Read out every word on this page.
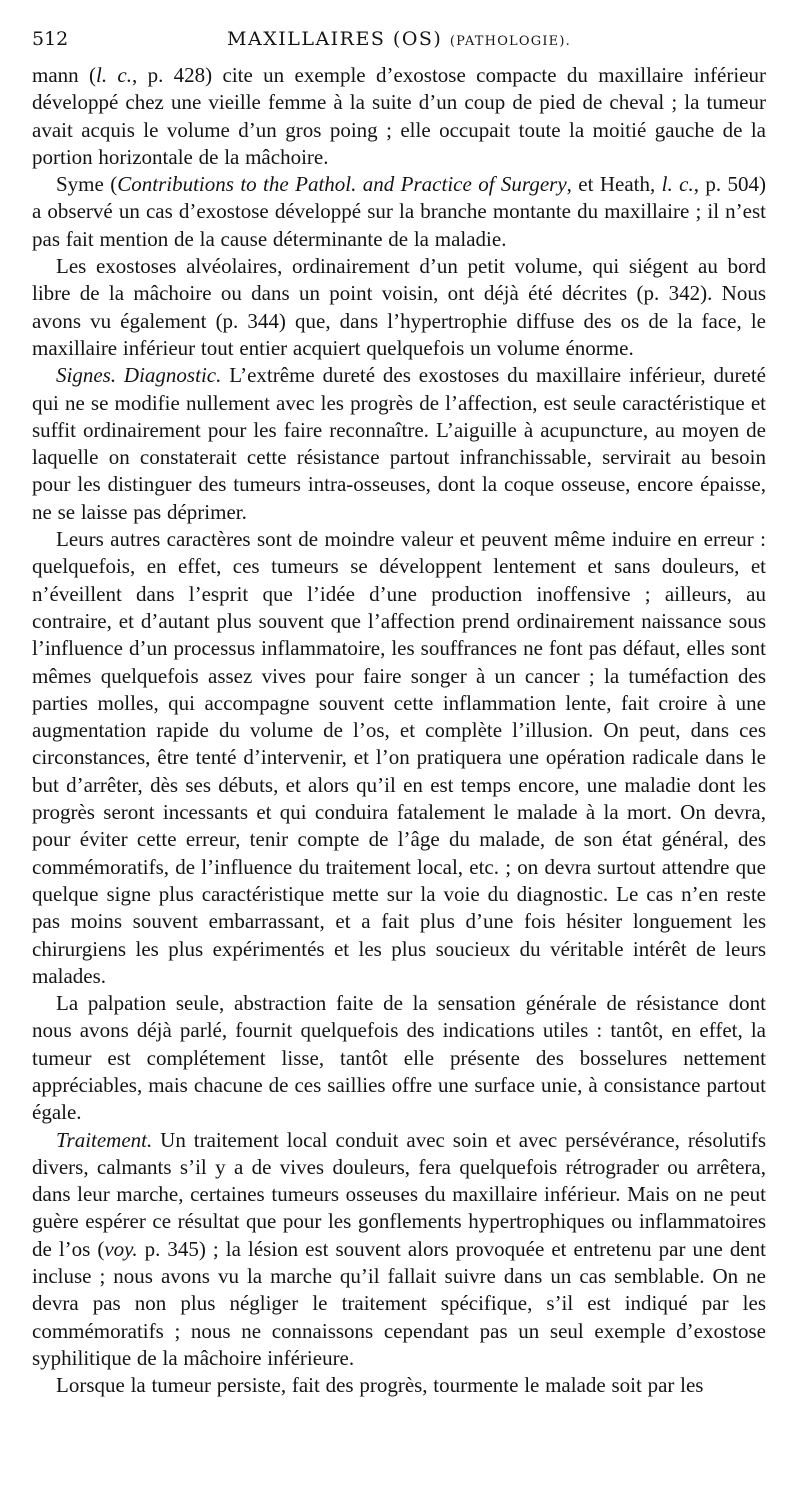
512	MAXILLAIRES (OS) (PATHOLOGIE).

mann (l. c., p. 428) cite un exemple d’exostose compacte du maxillaire inférieur développé chez une vieille femme à la suite d’un coup de pied de cheval ; la tumeur avait acquis le volume d’un gros poing ; elle occupait toute la moitié gauche de la portion horizontale de la mâchoire.

Syme (Contributions to the Pathol. and Practice of Surgery, et Heath, l. c., p. 504) a observé un cas d’exostose développé sur la branche montante du maxillaire ; il n’est pas fait mention de la cause déterminante de la maladie.

Les exostoses alvéolaires, ordinairement d’un petit volume, qui siégent au bord libre de la mâchoire ou dans un point voisin, ont déjà été décrites (p. 342). Nous avons vu également (p. 344) que, dans l’hypertrophie diffuse des os de la face, le maxillaire inférieur tout entier acquiert quelquefois un volume énorme.

Signes. Diagnostic. L’extrême dureté des exostoses du maxillaire inférieur, dureté qui ne se modifie nullement avec les progrès de l’affection, est seule caractéristique et suffit ordinairement pour les faire reconnaître. L’aiguille à acupuncture, au moyen de laquelle on constaterait cette résistance partout infranchissable, servirait au besoin pour les distinguer des tumeurs intra-osseuses, dont la coque osseuse, encore épaisse, ne se laisse pas déprimer.

Leurs autres caractères sont de moindre valeur et peuvent même induire en erreur : quelquefois, en effet, ces tumeurs se développent lentement et sans douleurs, et n’éveillent dans l’esprit que l’idée d’une production inoffensive ; ailleurs, au contraire, et d’autant plus souvent que l’affection prend ordinairement naissance sous l’influence d’un processus inflammatoire, les souffrances ne font pas défaut, elles sont mêmes quelquefois assez vives pour faire songer à un cancer ; la tuméfaction des parties molles, qui accompagne souvent cette inflammation lente, fait croire à une augmentation rapide du volume de l’os, et complète l’illusion. On peut, dans ces circonstances, être tenté d’intervenir, et l’on pratiquera une opération radicale dans le but d’arrêter, dès ses débuts, et alors qu’il en est temps encore, une maladie dont les progrès seront incessants et qui conduira fatalement le malade à la mort. On devra, pour éviter cette erreur, tenir compte de l’âge du malade, de son état général, des commémoratifs, de l’influence du traitement local, etc. ; on devra surtout attendre que quelque signe plus caractéristique mette sur la voie du diagnostic. Le cas n’en reste pas moins souvent embarrassant, et a fait plus d’une fois hésiter longuement les chirurgiens les plus expérimentés et les plus soucieux du véritable intérêt de leurs malades.

La palpation seule, abstraction faite de la sensation générale de résistance dont nous avons déjà parlé, fournit quelquefois des indications utiles : tantôt, en effet, la tumeur est complétement lisse, tantôt elle présente des bosselures nettement appréciables, mais chacune de ces saillies offre une surface unie, à consistance partout égale.

Traitement. Un traitement local conduit avec soin et avec persévérance, résolutifs divers, calmants s’il y a de vives douleurs, fera quelquefois rétrograder ou arrêtera, dans leur marche, certaines tumeurs osseuses du maxillaire inférieur. Mais on ne peut guère espérer ce résultat que pour les gonflements hypertrophiques ou inflammatoires de l’os (voy. p. 345) ; la lésion est souvent alors provoquée et entretenu par une dent incluse ; nous avons vu la marche qu’il fallait suivre dans un cas semblable. On ne devra pas non plus négliger le traitement spécifique, s’il est indiqué par les commémoratifs ; nous ne connaissons cependant pas un seul exemple d’exostose syphilitique de la mâchoire inférieure.

Lorsque la tumeur persiste, fait des progrès, tourmente le malade soit par les
